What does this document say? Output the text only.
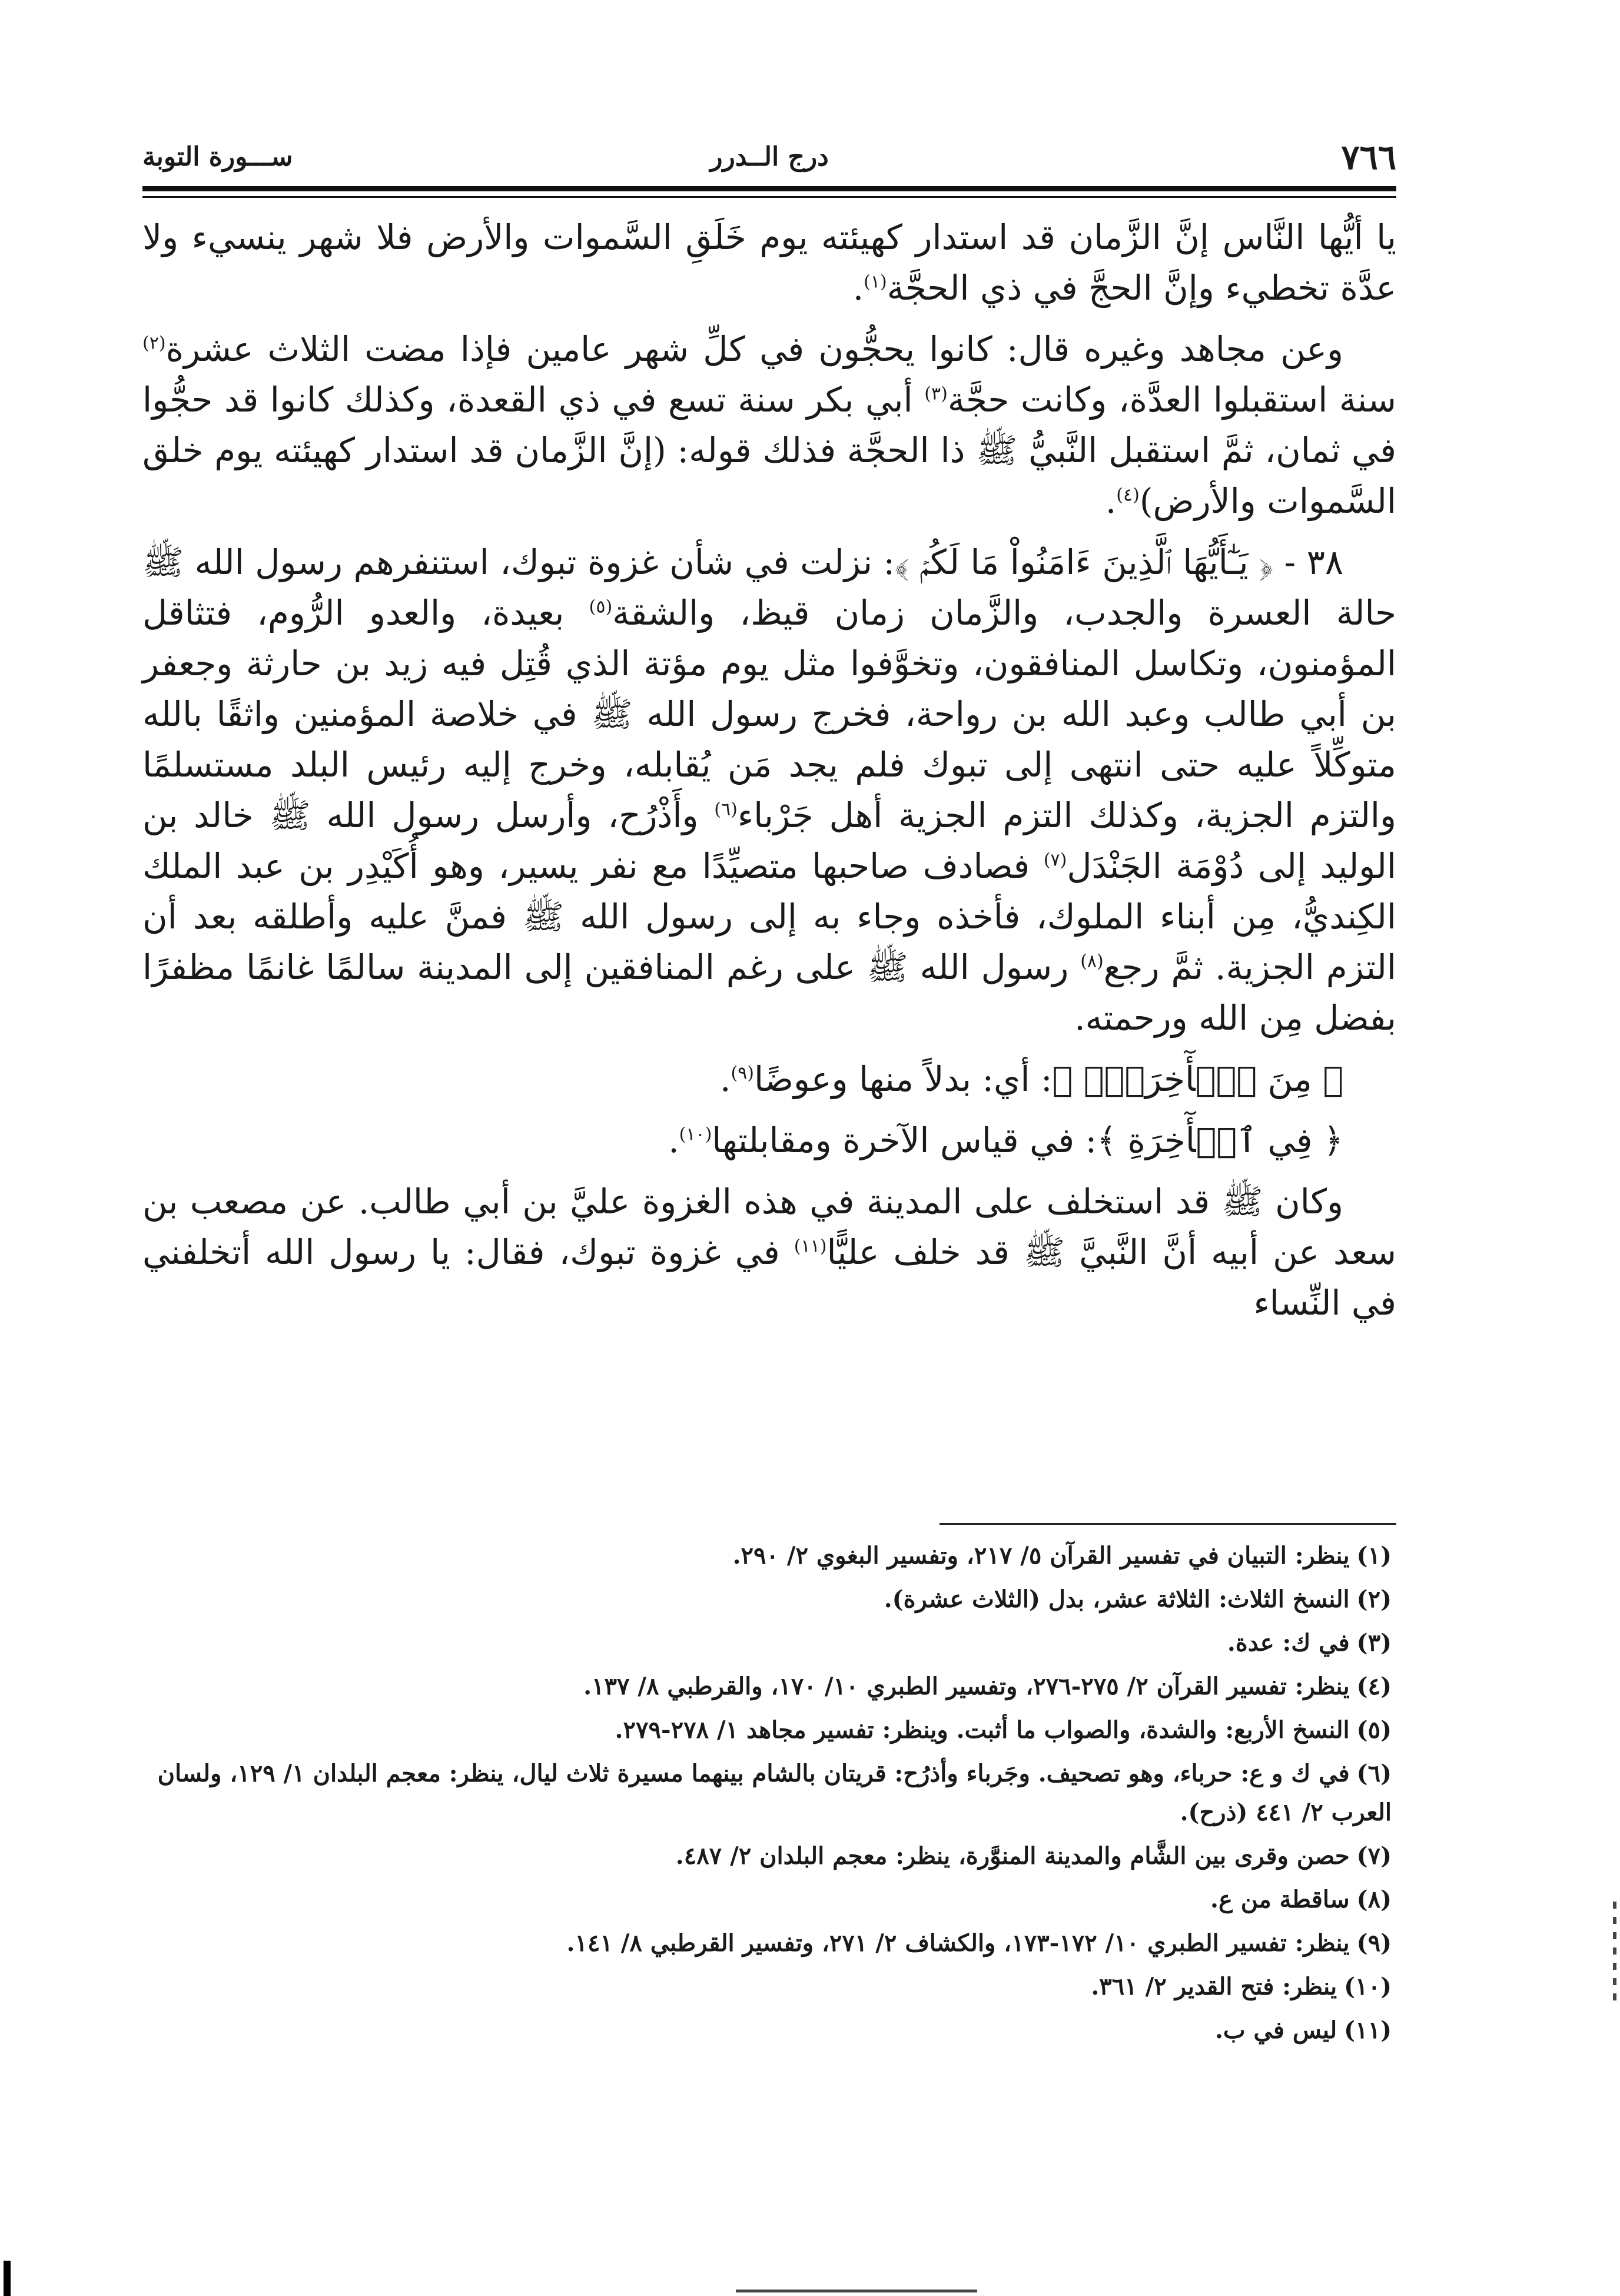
٧٦٦
درج الــدرر
ســـورة التوبة

يا أيُّها النَّاس إنَّ الزَّمان قد استدار كهيئته يوم خَلَقِ السَّموات والأرض فلا شهر ينسيء ولا عدَّة تخطيء وإنَّ الحجَّ في ذي الحجَّة$^{(١)}$.

وعن مجاهد وغيره قال: كانوا يحجُّون في كلِّ شهر عامين فإذا مضت الثلاث عشرة$^{(٢)}$ سنة استقبلوا العدَّة، وكانت حجَّة$^{(٣)}$ أبي بكر سنة تسع في ذي القعدة، وكذلك كانوا قد حجُّوا في ثمان، ثمَّ استقبل النَّبيُّ ﷺ ذا الحجَّة فذلك قوله: (إنَّ الزَّمان قد استدار كهيئته يوم خلق السَّموات والأرض)$^{(٤)}$.

٣٨ - ﴿ يَـٰٓأَيُّهَا ٱلَّذِينَ ءَامَنُواْ مَا لَكُمۡ ﴾: نزلت في شأن غزوة تبوك، استنفرهم رسول الله ﷺ حالة العسرة والجدب، والزَّمان زمان قيظ، والشقة$^{(٥)}$ بعيدة، والعدو الرُّوم، فتثاقل المؤمنون، وتكاسل المنافقون، وتخوَّفوا مثل يوم مؤتة الذي قُتِل فيه زيد بن حارثة وجعفر بن أبي طالب وعبد الله بن رواحة، فخرج رسول الله ﷺ في خلاصة المؤمنين واثقًا بالله متوكِّلاً عليه حتى انتهى إلى تبوك فلم يجد مَن يُقابله، وخرج إليه رئيس البلد مستسلمًا والتزم الجزية، وكذلك التزم الجزية أهل جَرْباء$^{(٦)}$ وأَذْرُح، وأرسل رسول الله ﷺ خالد بن الوليد إلى دُوْمَة الجَنْدَل$^{(٧)}$ فصادف صاحبها متصيِّدًا مع نفر يسير، وهو أُكَيْدِر بن عبد الملك الكِنديُّ، مِن أبناء الملوك، فأخذه وجاء به إلى رسول الله ﷺ فمنَّ عليه وأطلقه بعد أن التزم الجزية. ثمَّ رجع$^{(٨)}$ رسول الله ﷺ على رغم المنافقين إلى المدينة سالمًا غانمًا مظفرًا بفضل مِن الله ورحمته.

﴿ مِنَ ٱلۡأٓخِرَةِۚ ﴾: أي: بدلاً منها وعوضًا$^{(٩)}$.

﴿ فِي ٱلۡأٓخِرَةِ ﴾: في قياس الآخرة ومقابلتها$^{(١٠)}$.

وكان ﷺ قد استخلف على المدينة في هذه الغزوة عليَّ بن أبي طالب. عن مصعب بن سعد عن أبيه أنَّ النَّبيَّ ﷺ قد خلف عليًّا$^{(١١)}$ في غزوة تبوك، فقال: يا رسول الله أتخلفني في النِّساء

(١)ينظر: التبيان في تفسير القرآن ٥/ ٢١٧، وتفسير البغوي ٢/ ٢٩٠.
(٢)النسخ الثلاث: الثلاثة عشر، بدل (الثلاث عشرة).
(٣)في ك: عدة.
(٤)ينظر: تفسير القرآن ٢/ ٢٧٥-٢٧٦، وتفسير الطبري ١٠/ ١٧٠، والقرطبي ٨/ ١٣٧.
(٥)النسخ الأربع: والشدة، والصواب ما أثبت. وينظر: تفسير مجاهد ١/ ٢٧٨-٢٧٩.
(٦)في ك و ع: حرباء، وهو تصحيف. وجَرباء وأذرُح: قريتان بالشام بينهما مسيرة ثلاث ليال، ينظر: معجم البلدان ١/ ١٢٩، ولسان العرب ٢/ ٤٤١ (ذرح).
(٧)حصن وقرى بين الشَّام والمدينة المنوَّرة، ينظر: معجم البلدان ٢/ ٤٨٧.
(٨)ساقطة من ع.
(٩)ينظر: تفسير الطبري ١٠/ ١٧٢-١٧٣، والكشاف ٢/ ٢٧١، وتفسير القرطبي ٨/ ١٤١.
(١٠)ينظر: فتح القدير ٢/ ٣٦١.
(١١)ليس في ب.
